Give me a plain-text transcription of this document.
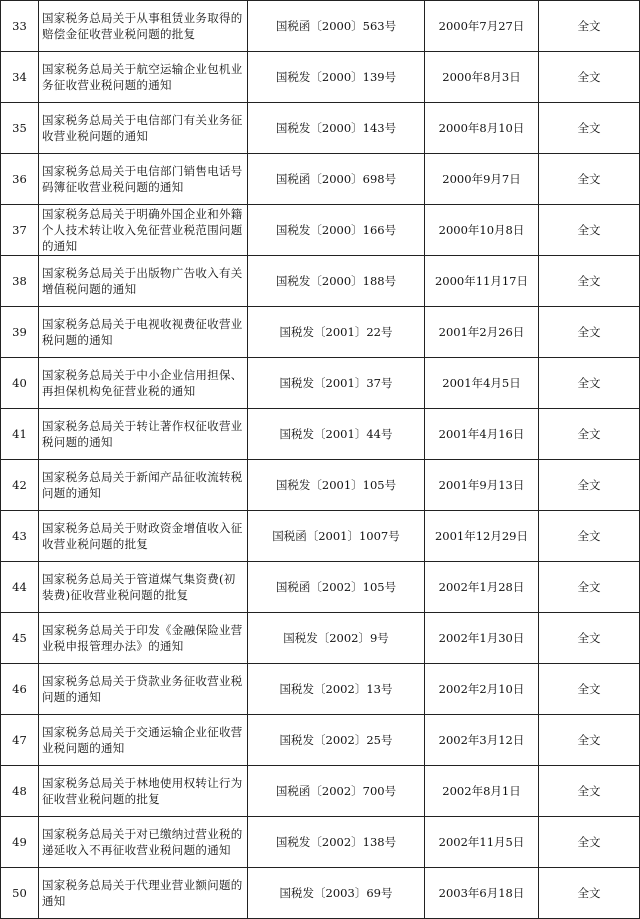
33	国家税务总局关于从事租赁业务取得的赔偿金征收营业税问题的批复	国税函〔2000〕563号	2000年7月27日	全文
34	国家税务总局关于航空运输企业包机业务征收营业税问题的通知	国税发〔2000〕139号	2000年8月3日	全文
35	国家税务总局关于电信部门有关业务征收营业税问题的通知	国税发〔2000〕143号	2000年8月10日	全文
36	国家税务总局关于电信部门销售电话号码簿征收营业税问题的通知	国税函〔2000〕698号	2000年9月7日	全文
37	国家税务总局关于明确外国企业和外籍个人技术转让收入免征营业税范围问题的通知	国税发〔2000〕166号	2000年10月8日	全文
38	国家税务总局关于出版物广告收入有关增值税问题的通知	国税发〔2000〕188号	2000年11月17日	全文
39	国家税务总局关于电视收视费征收营业税问题的通知	国税发〔2001〕22号	2001年2月26日	全文
40	国家税务总局关于中小企业信用担保、再担保机构免征营业税的通知	国税发〔2001〕37号	2001年4月5日	全文
41	国家税务总局关于转让著作权征收营业税问题的通知	国税发〔2001〕44号	2001年4月16日	全文
42	国家税务总局关于新闻产品征收流转税问题的通知	国税发〔2001〕105号	2001年9月13日	全文
43	国家税务总局关于财政资金增值收入征收营业税问题的批复	国税函〔2001〕1007号	2001年12月29日	全文
44	国家税务总局关于管道煤气集资费(初装费)征收营业税问题的批复	国税函〔2002〕105号	2002年1月28日	全文
45	国家税务总局关于印发《金融保险业营业税申报管理办法》的通知	国税发〔2002〕9号	2002年1月30日	全文
46	国家税务总局关于贷款业务征收营业税问题的通知	国税发〔2002〕13号	2002年2月10日	全文
47	国家税务总局关于交通运输企业征收营业税问题的通知	国税发〔2002〕25号	2002年3月12日	全文
48	国家税务总局关于林地使用权转让行为征收营业税问题的批复	国税函〔2002〕700号	2002年8月1日	全文
49	国家税务总局关于对已缴纳过营业税的递延收入不再征收营业税问题的通知	国税发〔2002〕138号	2002年11月5日	全文
50	国家税务总局关于代理业营业额问题的通知	国税发〔2003〕69号	2003年6月18日	全文
